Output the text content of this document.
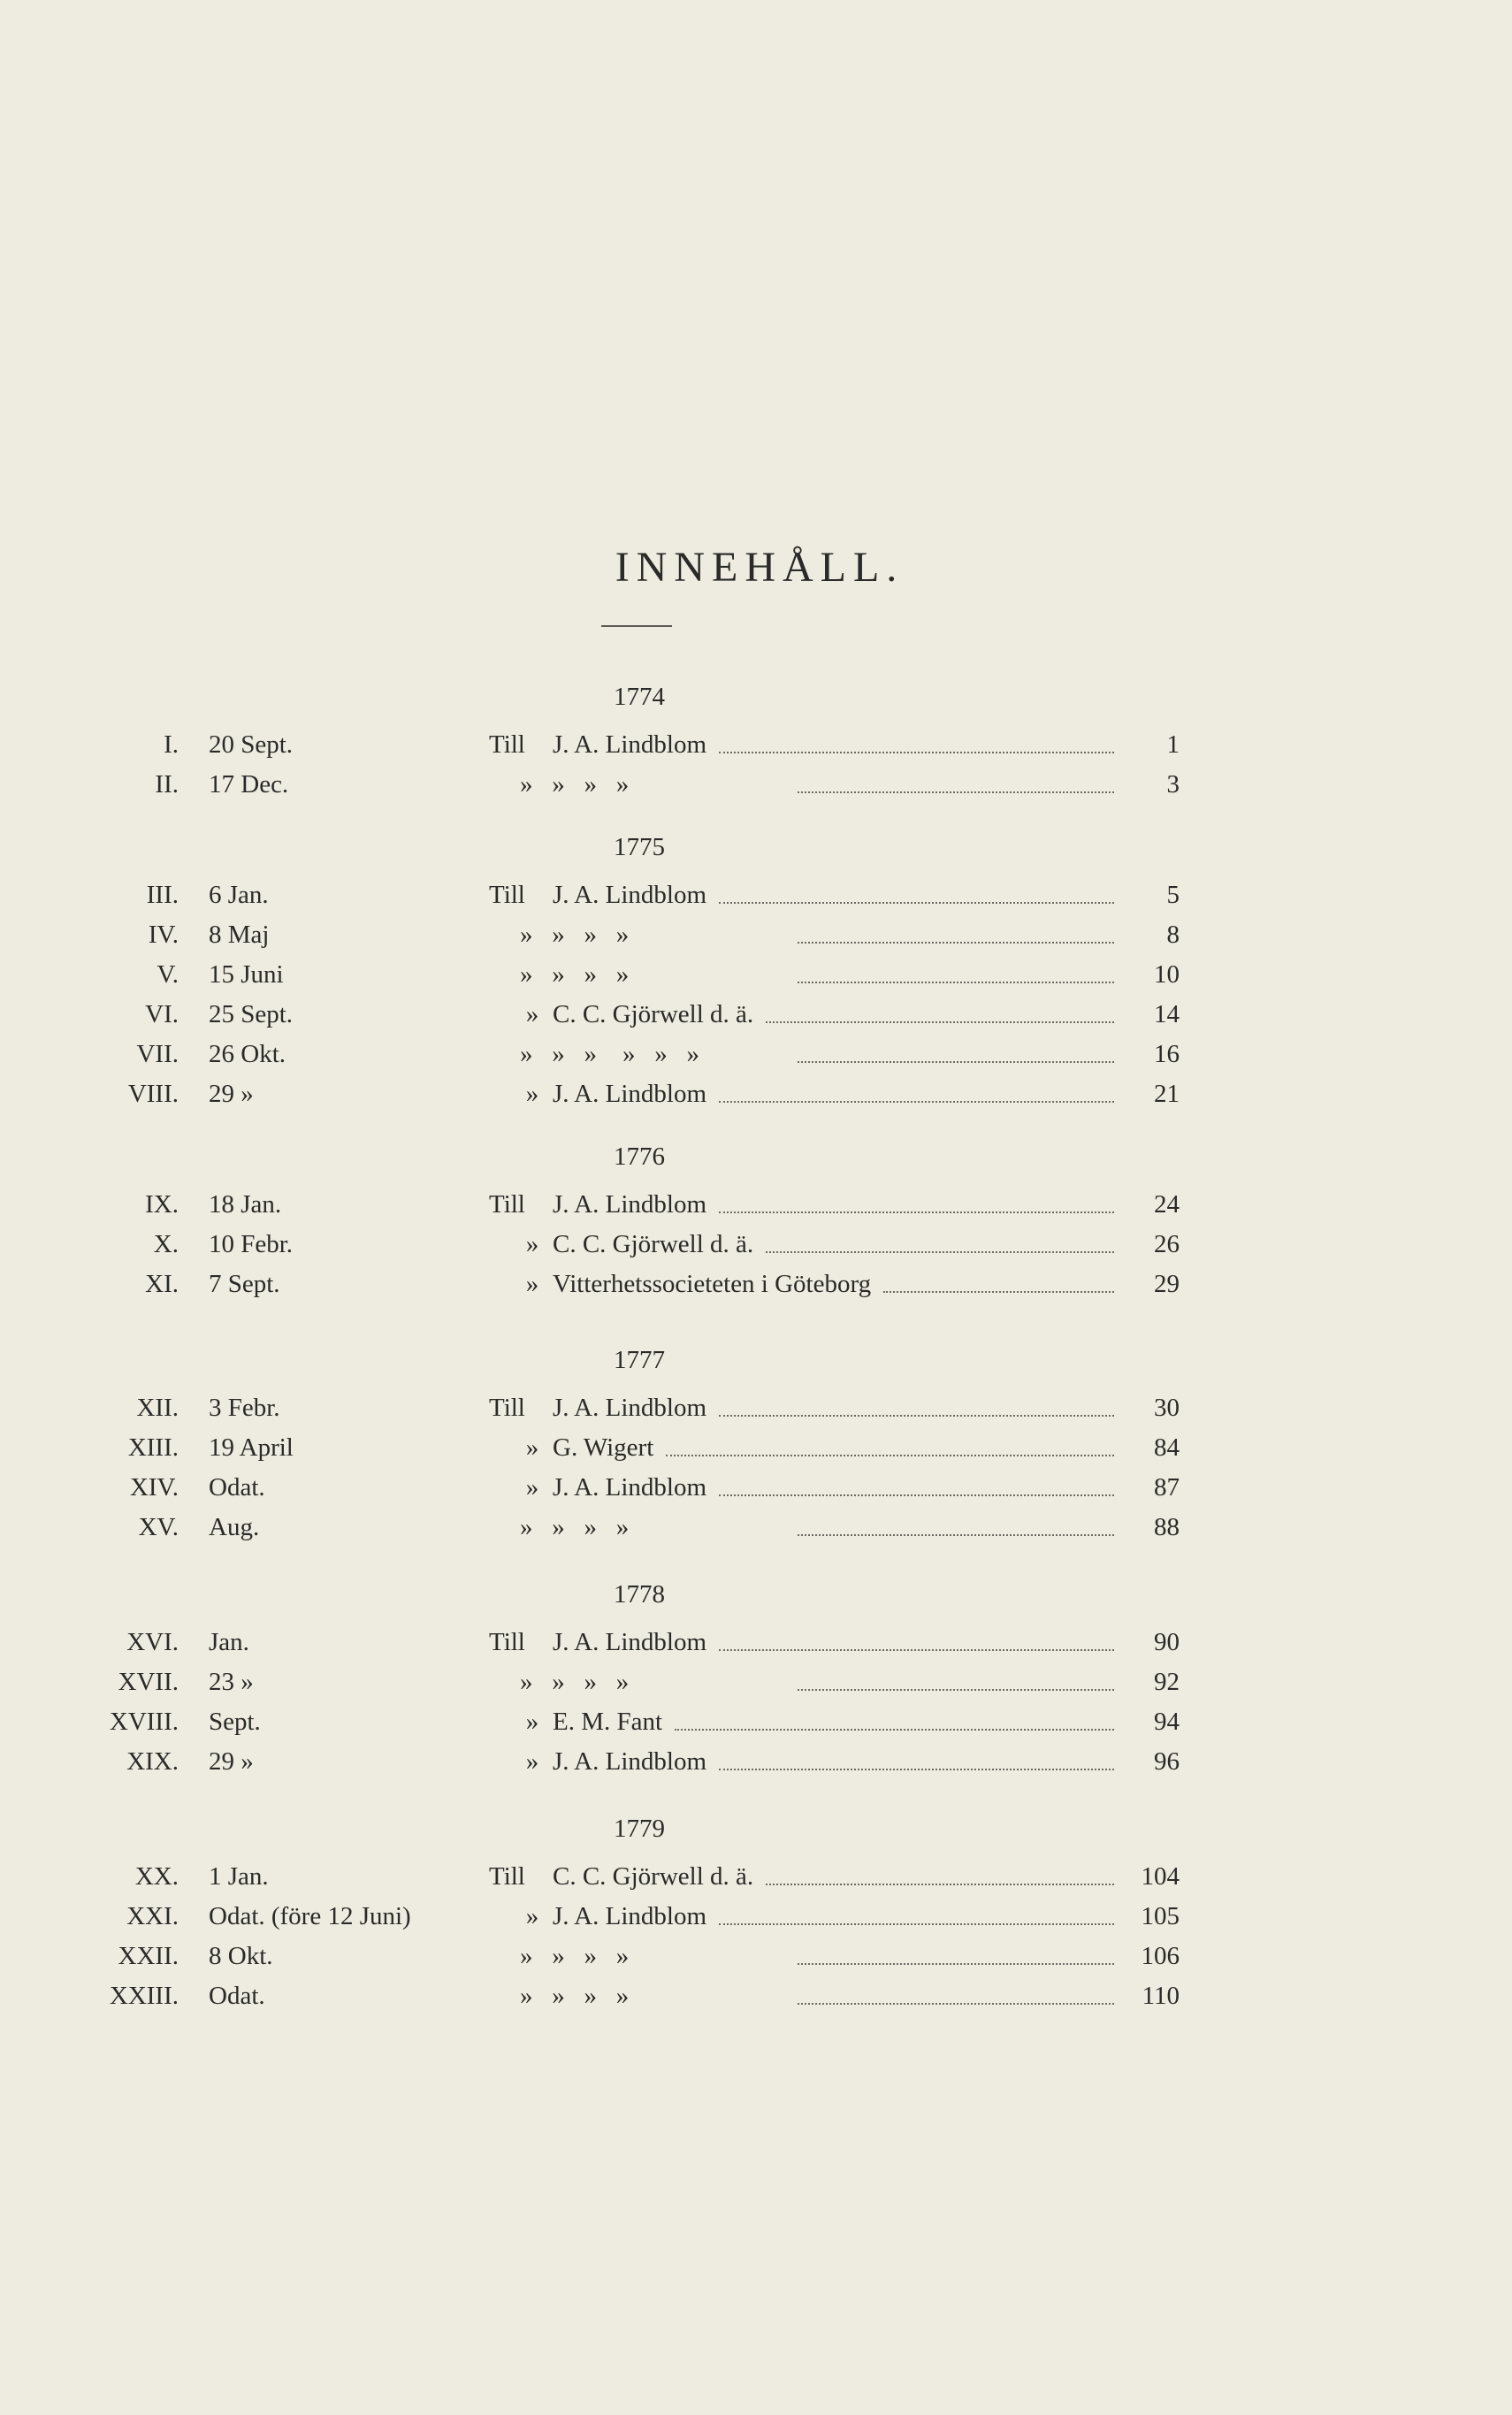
INNEHÅLL.
1774
I. 20 Sept.	Till J. A. Lindblom	1
II. 17 Dec.	»   »   »   »	3
1775
III. 6 Jan.	Till J. A. Lindblom	5
IV. 8 Maj	»   »   »   »	8
V. 15 Juni	»   »   »   »	10
VI. 25 Sept.	» C. C. Gjörwell d. ä.	14
VII. 26 Okt.	»   »   »    »   »   »	16
VIII. 29 »	» J. A. Lindblom	21
1776
IX. 18 Jan.	Till J. A. Lindblom	24
X. 10 Febr.	» C. C. Gjörwell d. ä.	26
XI. 7 Sept.	» Vitterhetssocieteten i Göteborg	29
1777
XII. 3 Febr.	Till J. A. Lindblom	30
XIII. 19 April	» G. Wigert	84
XIV. Odat.	» J. A. Lindblom	87
XV. Aug.	»   »   »   »	88
1778
XVI. Jan.	Till J. A. Lindblom	90
XVII. 23 »	»   »   »   »	92
XVIII. Sept.	» E. M. Fant	94
XIX. 29 »	» J. A. Lindblom	96
1779
XX. 1 Jan.	Till C. C. Gjörwell d. ä.	104
XXI. Odat. (före 12 Juni)	» J. A. Lindblom	105
XXII. 8 Okt.	»   »   »   »	106
XXIII. Odat.	»   »   »   »	110
